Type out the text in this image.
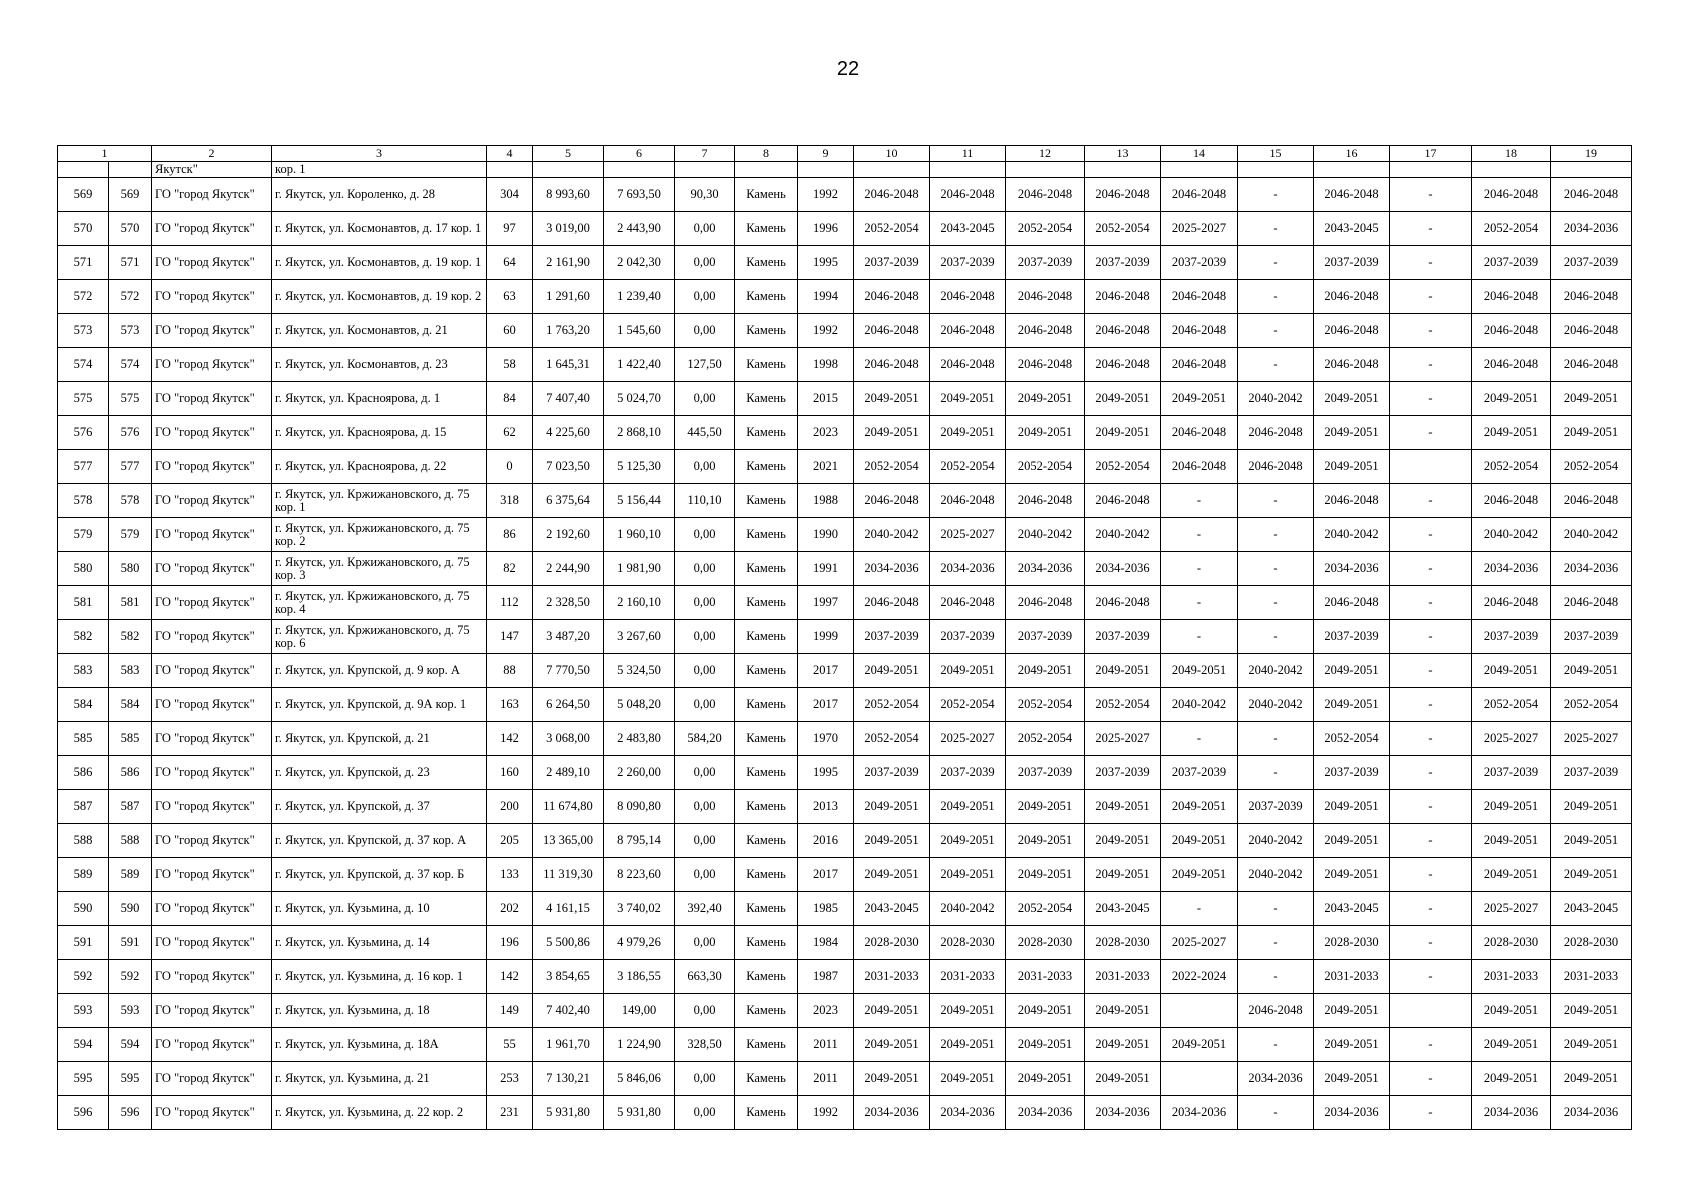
22
1		2	3	4	5	6	7	8	9	10	11	12	13	14	15	16	17	18	19
		Якутск"	кор. 1																
569	569	ГО "город Якутск"	г. Якутск, ул. Короленко, д. 28	304	8 993,60	7 693,50	90,30	Камень	1992	2046-2048	2046-2048	2046-2048	2046-2048	2046-2048	-	2046-2048	-	2046-2048	2046-2048
570	570	ГО "город Якутск"	г. Якутск, ул. Космонавтов, д. 17 кор. 1	97	3 019,00	2 443,90	0,00	Камень	1996	2052-2054	2043-2045	2052-2054	2052-2054	2025-2027	-	2043-2045	-	2052-2054	2034-2036
571	571	ГО "город Якутск"	г. Якутск, ул. Космонавтов, д. 19 кор. 1	64	2 161,90	2 042,30	0,00	Камень	1995	2037-2039	2037-2039	2037-2039	2037-2039	2037-2039	-	2037-2039	-	2037-2039	2037-2039
572	572	ГО "город Якутск"	г. Якутск, ул. Космонавтов, д. 19 кор. 2	63	1 291,60	1 239,40	0,00	Камень	1994	2046-2048	2046-2048	2046-2048	2046-2048	2046-2048	-	2046-2048	-	2046-2048	2046-2048
573	573	ГО "город Якутск"	г. Якутск, ул. Космонавтов, д. 21	60	1 763,20	1 545,60	0,00	Камень	1992	2046-2048	2046-2048	2046-2048	2046-2048	2046-2048	-	2046-2048	-	2046-2048	2046-2048
574	574	ГО "город Якутск"	г. Якутск, ул. Космонавтов, д. 23	58	1 645,31	1 422,40	127,50	Камень	1998	2046-2048	2046-2048	2046-2048	2046-2048	2046-2048	-	2046-2048	-	2046-2048	2046-2048
575	575	ГО "город Якутск"	г. Якутск, ул. Красноярова, д. 1	84	7 407,40	5 024,70	0,00	Камень	2015	2049-2051	2049-2051	2049-2051	2049-2051	2049-2051	2040-2042	2049-2051	-	2049-2051	2049-2051
576	576	ГО "город Якутск"	г. Якутск, ул. Красноярова, д. 15	62	4 225,60	2 868,10	445,50	Камень	2023	2049-2051	2049-2051	2049-2051	2049-2051	2046-2048	2046-2048	2049-2051	-	2049-2051	2049-2051
577	577	ГО "город Якутск"	г. Якутск, ул. Красноярова, д. 22	0	7 023,50	5 125,30	0,00	Камень	2021	2052-2054	2052-2054	2052-2054	2052-2054	2046-2048	2046-2048	2049-2051		2052-2054	2052-2054
578	578	ГО "город Якутск"	г. Якутск, ул. Кржижановского, д. 75 кор. 1	318	6 375,64	5 156,44	110,10	Камень	1988	2046-2048	2046-2048	2046-2048	2046-2048	-	-	2046-2048	-	2046-2048	2046-2048
579	579	ГО "город Якутск"	г. Якутск, ул. Кржижановского, д. 75 кор. 2	86	2 192,60	1 960,10	0,00	Камень	1990	2040-2042	2025-2027	2040-2042	2040-2042	-	-	2040-2042	-	2040-2042	2040-2042
580	580	ГО "город Якутск"	г. Якутск, ул. Кржижановского, д. 75 кор. 3	82	2 244,90	1 981,90	0,00	Камень	1991	2034-2036	2034-2036	2034-2036	2034-2036	-	-	2034-2036	-	2034-2036	2034-2036
581	581	ГО "город Якутск"	г. Якутск, ул. Кржижановского, д. 75 кор. 4	112	2 328,50	2 160,10	0,00	Камень	1997	2046-2048	2046-2048	2046-2048	2046-2048	-	-	2046-2048	-	2046-2048	2046-2048
582	582	ГО "город Якутск"	г. Якутск, ул. Кржижановского, д. 75 кор. 6	147	3 487,20	3 267,60	0,00	Камень	1999	2037-2039	2037-2039	2037-2039	2037-2039	-	-	2037-2039	-	2037-2039	2037-2039
583	583	ГО "город Якутск"	г. Якутск, ул. Крупской, д. 9 кор. А	88	7 770,50	5 324,50	0,00	Камень	2017	2049-2051	2049-2051	2049-2051	2049-2051	2049-2051	2040-2042	2049-2051	-	2049-2051	2049-2051
584	584	ГО "город Якутск"	г. Якутск, ул. Крупской, д. 9А кор. 1	163	6 264,50	5 048,20	0,00	Камень	2017	2052-2054	2052-2054	2052-2054	2052-2054	2040-2042	2040-2042	2049-2051	-	2052-2054	2052-2054
585	585	ГО "город Якутск"	г. Якутск, ул. Крупской, д. 21	142	3 068,00	2 483,80	584,20	Камень	1970	2052-2054	2025-2027	2052-2054	2025-2027	-	-	2052-2054	-	2025-2027	2025-2027
586	586	ГО "город Якутск"	г. Якутск, ул. Крупской, д. 23	160	2 489,10	2 260,00	0,00	Камень	1995	2037-2039	2037-2039	2037-2039	2037-2039	2037-2039	-	2037-2039	-	2037-2039	2037-2039
587	587	ГО "город Якутск"	г. Якутск, ул. Крупской, д. 37	200	11 674,80	8 090,80	0,00	Камень	2013	2049-2051	2049-2051	2049-2051	2049-2051	2049-2051	2037-2039	2049-2051	-	2049-2051	2049-2051
588	588	ГО "город Якутск"	г. Якутск, ул. Крупской, д. 37 кор. А	205	13 365,00	8 795,14	0,00	Камень	2016	2049-2051	2049-2051	2049-2051	2049-2051	2049-2051	2040-2042	2049-2051	-	2049-2051	2049-2051
589	589	ГО "город Якутск"	г. Якутск, ул. Крупской, д. 37 кор. Б	133	11 319,30	8 223,60	0,00	Камень	2017	2049-2051	2049-2051	2049-2051	2049-2051	2049-2051	2040-2042	2049-2051	-	2049-2051	2049-2051
590	590	ГО "город Якутск"	г. Якутск, ул. Кузьмина, д. 10	202	4 161,15	3 740,02	392,40	Камень	1985	2043-2045	2040-2042	2052-2054	2043-2045	-	-	2043-2045	-	2025-2027	2043-2045
591	591	ГО "город Якутск"	г. Якутск, ул. Кузьмина, д. 14	196	5 500,86	4 979,26	0,00	Камень	1984	2028-2030	2028-2030	2028-2030	2028-2030	2025-2027	-	2028-2030	-	2028-2030	2028-2030
592	592	ГО "город Якутск"	г. Якутск, ул. Кузьмина, д. 16 кор. 1	142	3 854,65	3 186,55	663,30	Камень	1987	2031-2033	2031-2033	2031-2033	2031-2033	2022-2024	-	2031-2033	-	2031-2033	2031-2033
593	593	ГО "город Якутск"	г. Якутск, ул. Кузьмина, д. 18	149	7 402,40	149,00	0,00	Камень	2023	2049-2051	2049-2051	2049-2051	2049-2051		2046-2048	2049-2051		2049-2051	2049-2051
594	594	ГО "город Якутск"	г. Якутск, ул. Кузьмина, д. 18А	55	1 961,70	1 224,90	328,50	Камень	2011	2049-2051	2049-2051	2049-2051	2049-2051	2049-2051	-	2049-2051	-	2049-2051	2049-2051
595	595	ГО "город Якутск"	г. Якутск, ул. Кузьмина, д. 21	253	7 130,21	5 846,06	0,00	Камень	2011	2049-2051	2049-2051	2049-2051	2049-2051		2034-2036	2049-2051	-	2049-2051	2049-2051
596	596	ГО "город Якутск"	г. Якутск, ул. Кузьмина, д. 22 кор. 2	231	5 931,80	5 931,80	0,00	Камень	1992	2034-2036	2034-2036	2034-2036	2034-2036	2034-2036	-	2034-2036	-	2034-2036	2034-2036
